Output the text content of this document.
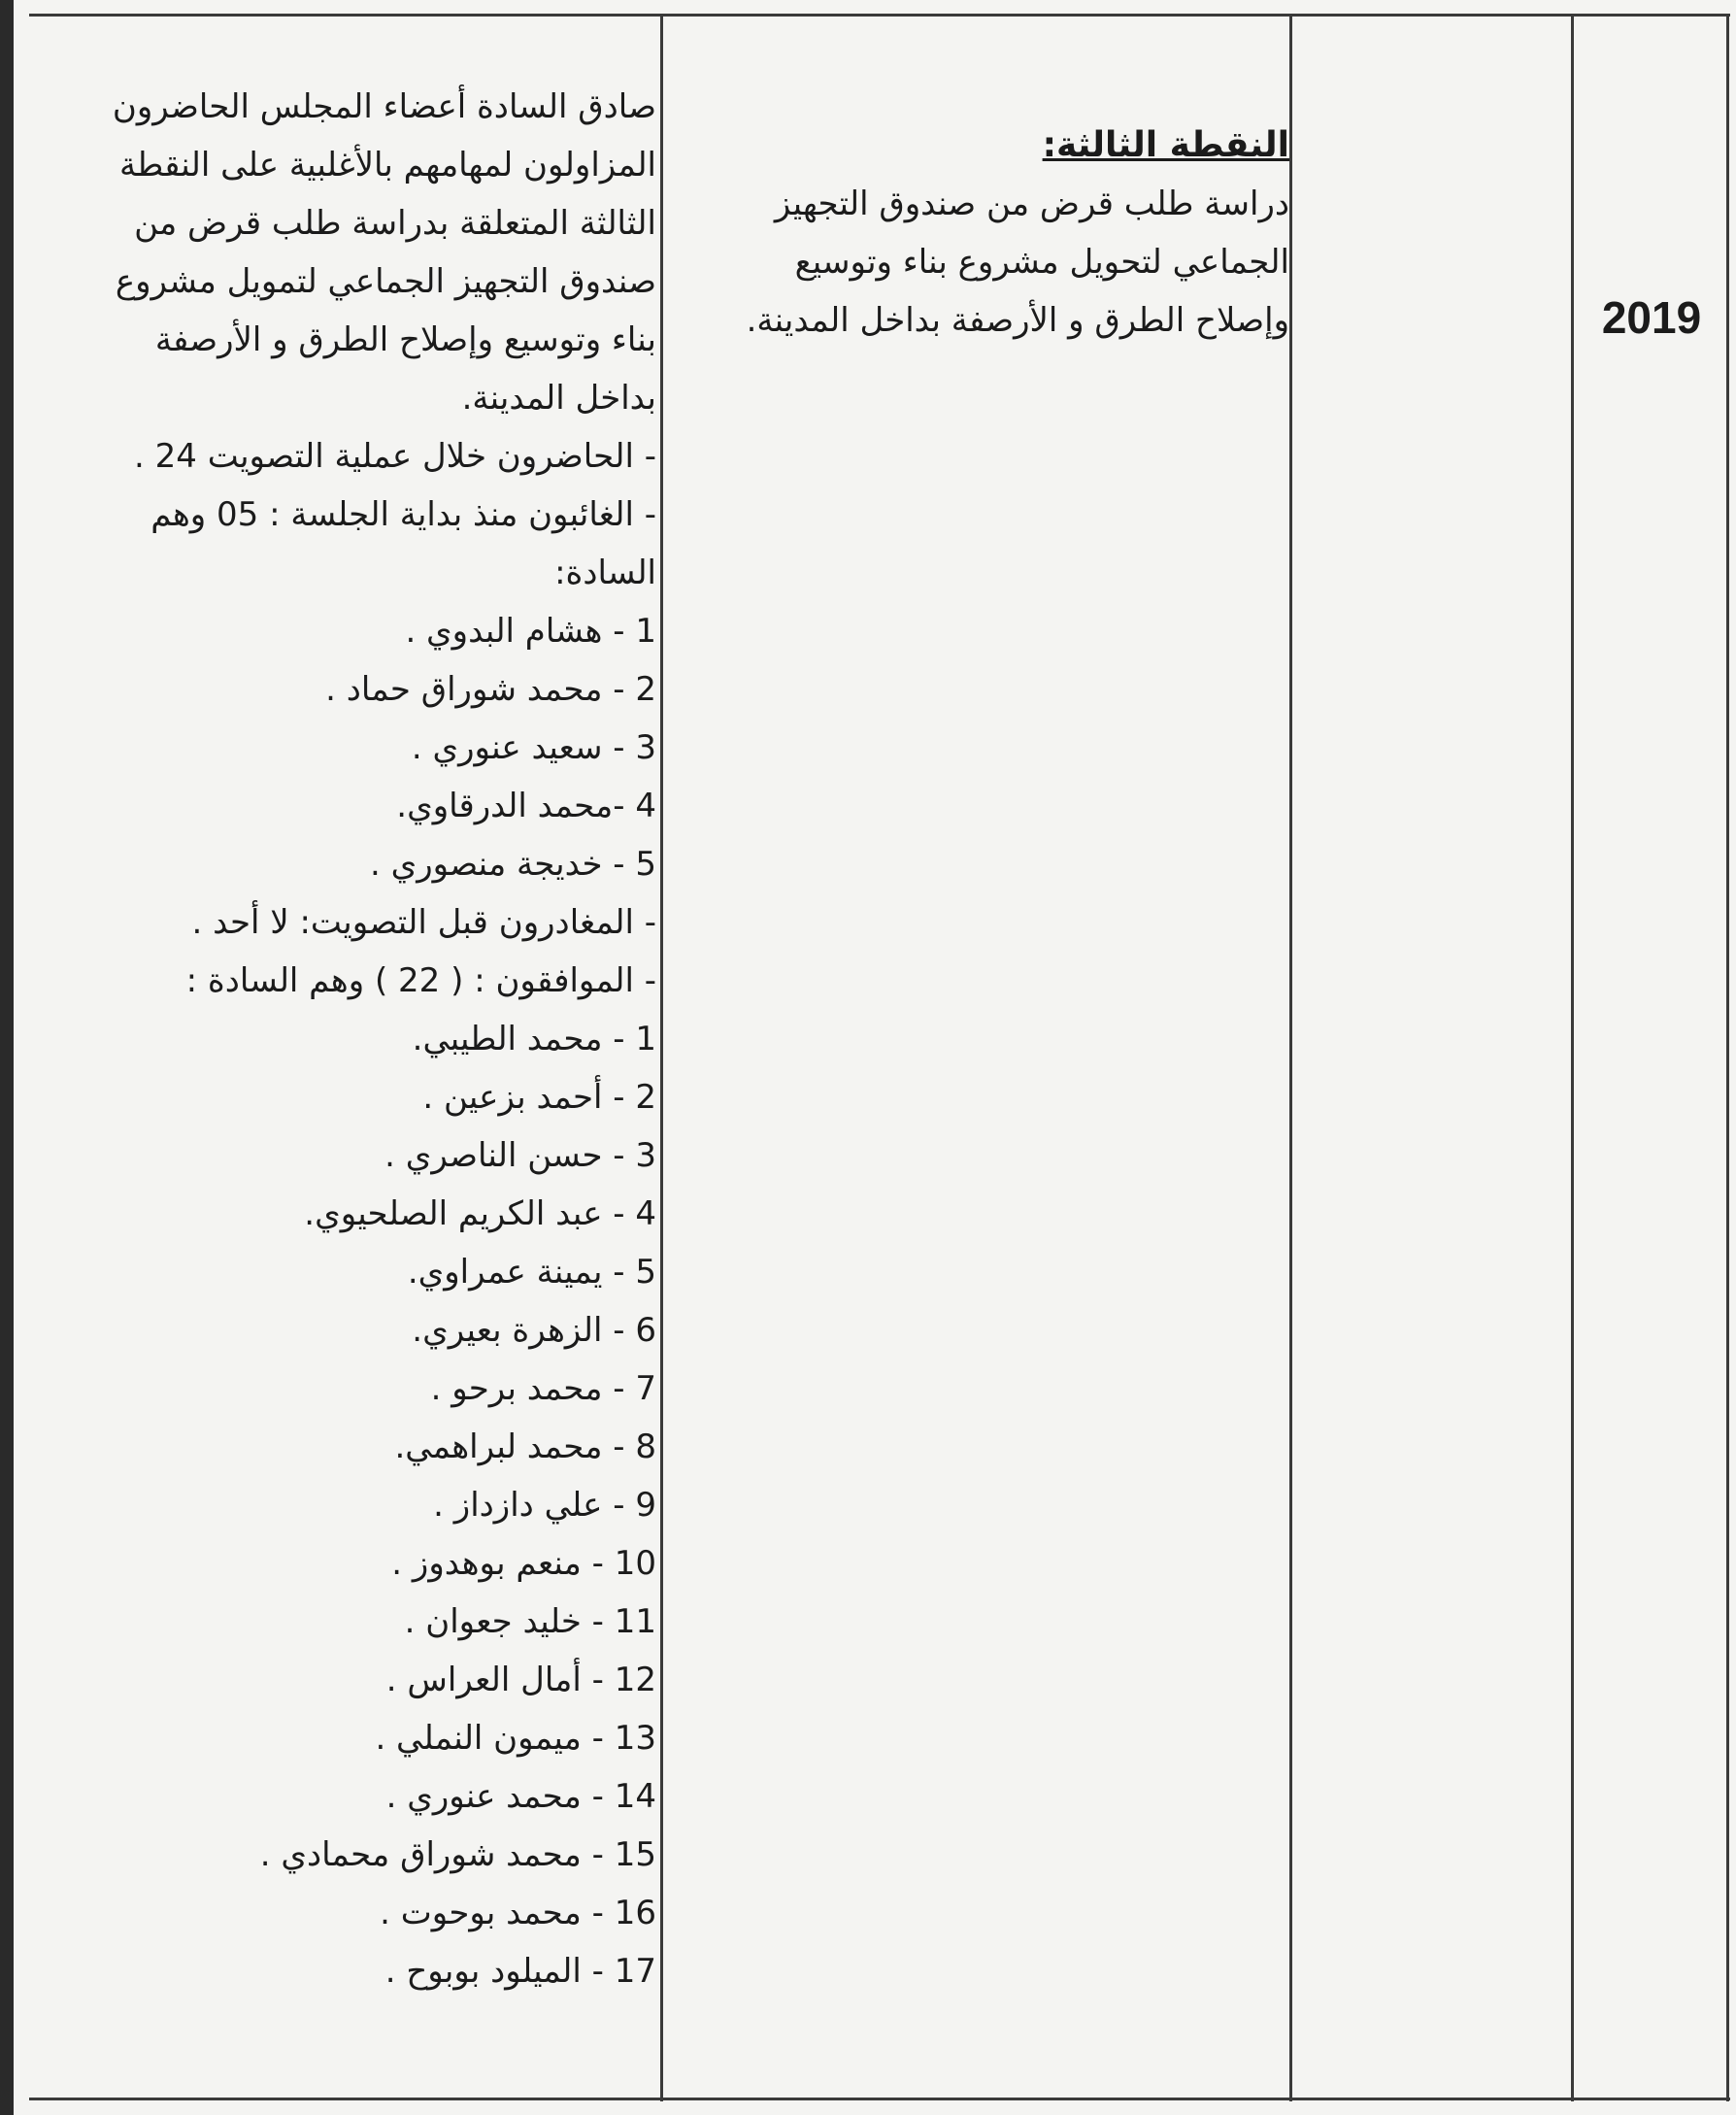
2019

النقطة الثالثة:

دراسة طلب قرض من صندوق التجهيز الجماعي لتحويل مشروع بناء وتوسيع وإصلاح الطرق و الأرصفة بداخل المدينة.

صادق السادة أعضاء المجلس الحاضرون المزاولون لمهامهم بالأغلبية على النقطة الثالثة المتعلقة بدراسة طلب قرض من صندوق التجهيز الجماعي لتمويل مشروع بناء وتوسيع وإصلاح الطرق و الأرصفة بداخل المدينة.

- الحاضرون خلال عملية التصويت 24 .

- الغائبون منذ بداية الجلسة : 05 وهم السادة:

1 - هشام البدوي .

2 - محمد شوراق حماد .

3 - سعيد عنوري .

4 -محمد الدرقاوي.

5 - خديجة منصوري .

- المغادرون قبل التصويت: لا أحد .

- الموافقون : ( 22 ) وهم السادة :

1 - محمد الطيبي.

2 - أحمد بزعين .

3 - حسن الناصري .

4 - عبد الكريم الصلحيوي.

5 - يمينة عمراوي.

6 - الزهرة بعيري.

7 - محمد برحو .

8 - محمد لبراهمي.

9 - علي دازداز .

10 - منعم بوهدوز .

11 - خليد جعوان .

12 - أمال العراس .

13 - ميمون النملي .

14 - محمد عنوري .

15 - محمد شوراق محمادي .

16 - محمد بوحوت .

17 - الميلود بوبوح .
